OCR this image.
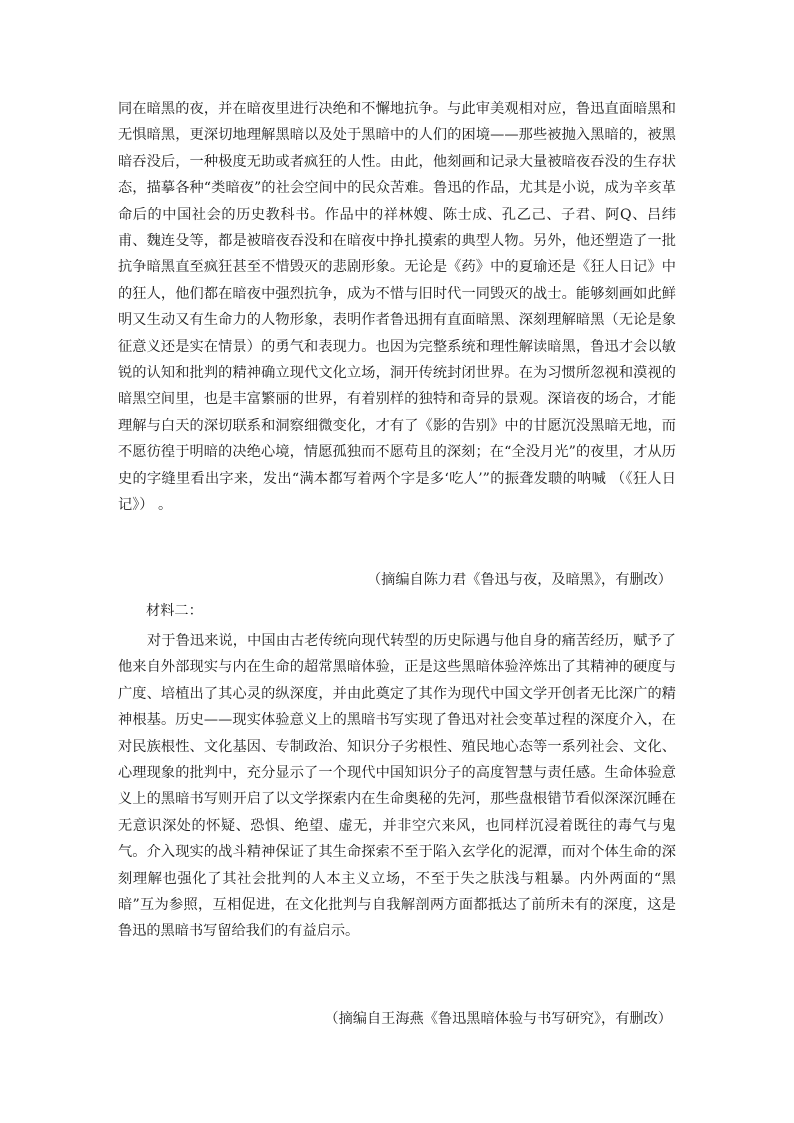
同在暗黑的夜，并在暗夜里进行决绝和不懈地抗争。与此审美观相对应，鲁迅直面暗黑和无惧暗黑，更深切地理解黑暗以及处于黑暗中的人们的困境——那些被抛入黑暗的，被黑暗吞没后，一种极度无助或者疯狂的人性。由此，他刻画和记录大量被暗夜吞没的生存状态，描摹各种“类暗夜”的社会空间中的民众苦难。鲁迅的作品，尤其是小说，成为辛亥革命后的中国社会的历史教科书。作品中的祥林嫂、陈士成、孔乙己、子君、阿Q、吕纬甫、魏连殳等，都是被暗夜吞没和在暗夜中挣扎摸索的典型人物。另外，他还塑造了一批抗争暗黑直至疯狂甚至不惜毁灭的悲剧形象。无论是《药》中的夏瑜还是《狂人日记》中的狂人，他们都在暗夜中强烈抗争，成为不惜与旧时代一同毁灭的战士。能够刻画如此鲜明又生动又有生命力的人物形象，表明作者鲁迅拥有直面暗黑、深刻理解暗黑（无论是象征意义还是实在情景）的勇气和表现力。也因为完整系统和理性解读暗黑，鲁迅才会以敏锐的认知和批判的精神确立现代文化立场，洞开传统封闭世界。在为习惯所忽视和漠视的暗黑空间里，也是丰富繁丽的世界，有着别样的独特和奇异的景观。深谙夜的场合，才能理解与白天的深切联系和洞察细微变化，才有了《影的告别》中的甘愿沉没黑暗无地，而不愿彷徨于明暗的决绝心境，情愿孤独而不愿苟且的深刻；在“全没月光”的夜里，才从历史的字缝里看出字来，发出“满本都写着两个字是多‘吃人’”的振聋发聩的呐喊 （《狂人日记》） 。

（摘编自陈力君《鲁迅与夜，及暗黑》，有删改）

材料二：

对于鲁迅来说，中国由古老传统向现代转型的历史际遇与他自身的痛苦经历，赋予了他来自外部现实与内在生命的超常黑暗体验，正是这些黑暗体验淬炼出了其精神的硬度与广度、培植出了其心灵的纵深度，并由此奠定了其作为现代中国文学开创者无比深广的精神根基。历史——现实体验意义上的黑暗书写实现了鲁迅对社会变革过程的深度介入，在对民族根性、文化基因、专制政治、知识分子劣根性、殖民地心态等一系列社会、文化、心理现象的批判中，充分显示了一个现代中国知识分子的高度智慧与责任感。生命体验意义上的黑暗书写则开启了以文学探索内在生命奥秘的先河，那些盘根错节看似深深沉睡在无意识深处的怀疑、恐惧、绝望、虚无，并非空穴来风，也同样沉浸着既往的毒气与鬼气。介入现实的战斗精神保证了其生命探索不至于陷入玄学化的泥潭，而对个体生命的深刻理解也强化了其社会批判的人本主义立场，不至于失之肤浅与粗暴。内外两面的“黑暗”互为参照，互相促进，在文化批判与自我解剖两方面都抵达了前所未有的深度，这是鲁迅的黑暗书写留给我们的有益启示。

（摘编自王海燕《鲁迅黑暗体验与书写研究》，有删改）
